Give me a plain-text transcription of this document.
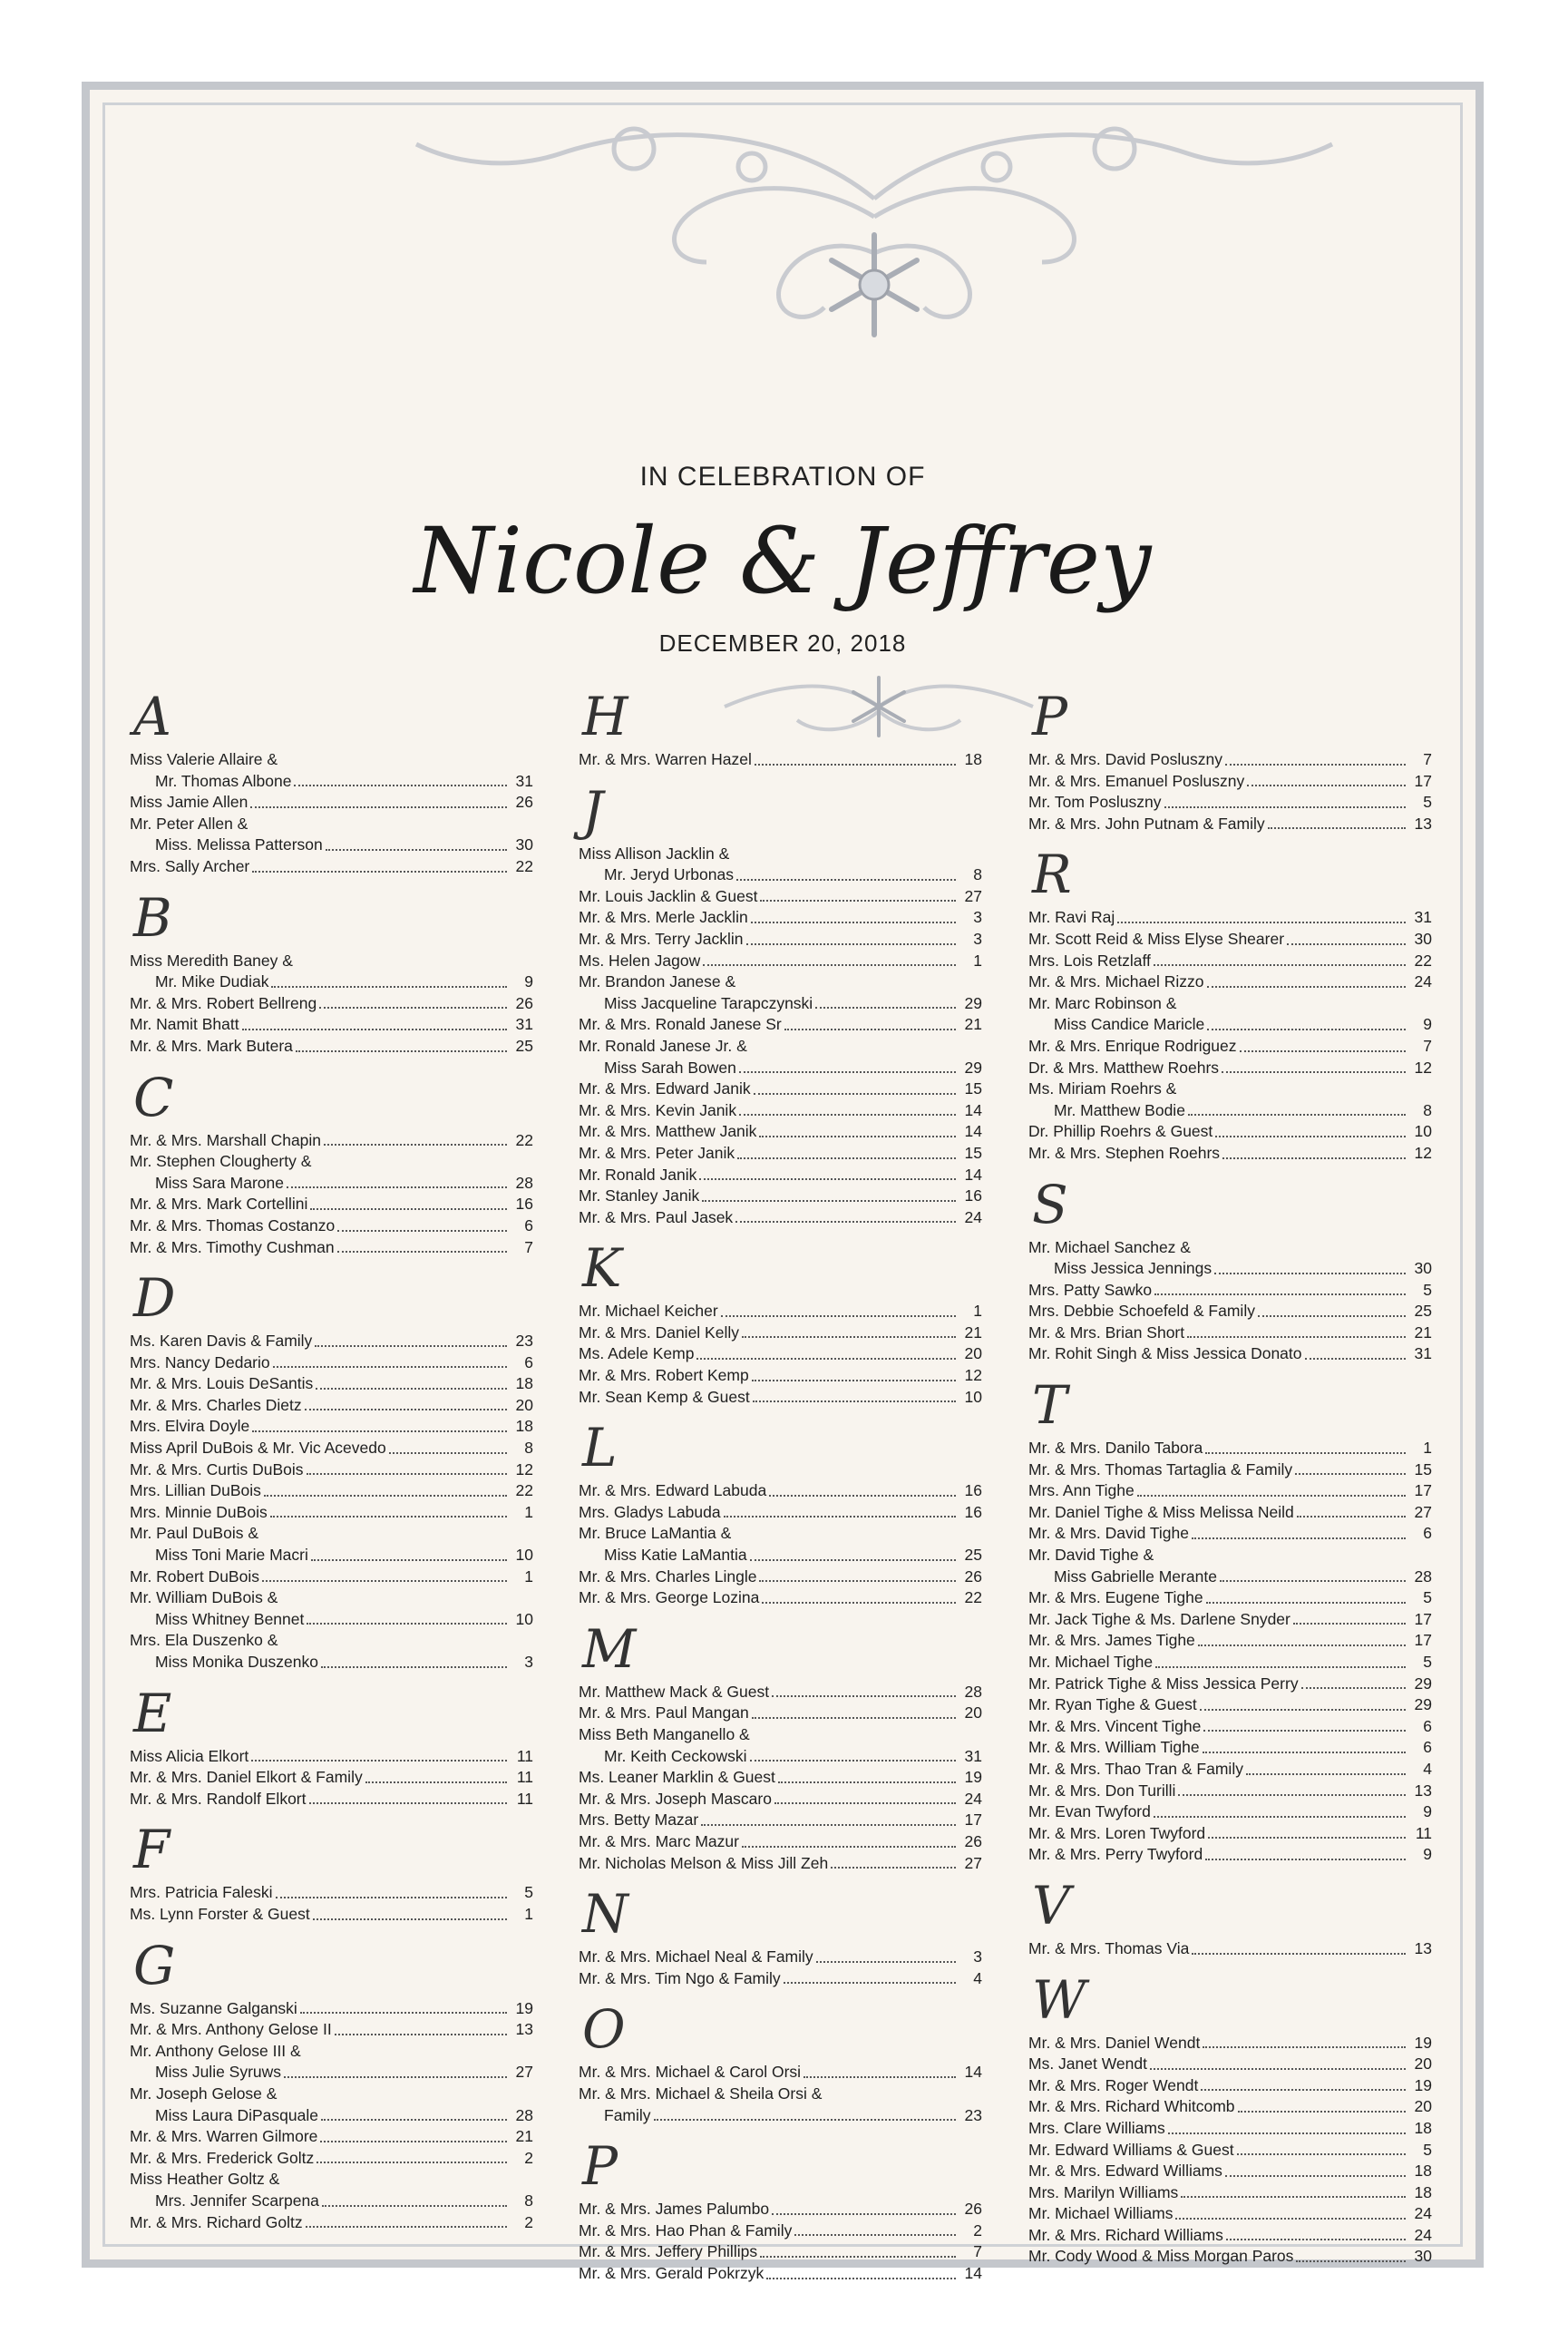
IN CELEBRATION OF
Nicole & Jeffrey
DECEMBER 20, 2018
A
Miss Valerie Allaire &
Mr. Thomas Albone	31
Miss Jamie Allen	26
Mr. Peter Allen &
Miss. Melissa Patterson	30
Mrs. Sally Archer	22
B
Miss Meredith Baney &
Mr. Mike Dudiak	9
Mr. & Mrs. Robert Bellreng	26
Mr. Namit Bhatt	31
Mr. & Mrs. Mark Butera	25
C
Mr. & Mrs. Marshall Chapin	22
Mr. Stephen Clougherty &
Miss Sara Marone	28
Mr. & Mrs. Mark Cortellini	16
Mr. & Mrs. Thomas Costanzo	6
Mr. & Mrs. Timothy Cushman	7
D
Ms. Karen Davis & Family	23
Mrs. Nancy Dedario	6
Mr. & Mrs. Louis DeSantis	18
Mr. & Mrs. Charles Dietz	20
Mrs. Elvira Doyle	18
Miss April DuBois & Mr. Vic Acevedo	8
Mr. & Mrs. Curtis DuBois	12
Mrs. Lillian DuBois	22
Mrs. Minnie DuBois	1
Mr. Paul DuBois &
Miss Toni Marie Macri	10
Mr. Robert DuBois	1
Mr. William DuBois &
Miss Whitney Bennet	10
Mrs. Ela Duszenko &
Miss Monika Duszenko	3
E
Miss Alicia Elkort	11
Mr. & Mrs. Daniel Elkort & Family	11
Mr. & Mrs. Randolf Elkort	11
F
Mrs. Patricia Faleski	5
Ms. Lynn Forster & Guest	1
G
Ms. Suzanne Galganski	19
Mr. & Mrs. Anthony Gelose II	13
Mr. Anthony Gelose III &
Miss Julie Syruws	27
Mr. Joseph Gelose &
Miss Laura DiPasquale	28
Mr. & Mrs. Warren Gilmore	21
Mr. & Mrs. Frederick Goltz	2
Miss Heather Goltz &
Mrs. Jennifer Scarpena	8
Mr. & Mrs. Richard Goltz	2
H
Mr. & Mrs. Warren Hazel	18
J
Miss Allison Jacklin &
Mr. Jeryd Urbonas	8
Mr. Louis Jacklin & Guest	27
Mr. & Mrs. Merle Jacklin	3
Mr. & Mrs. Terry Jacklin	3
Ms. Helen Jagow	1
Mr. Brandon Janese &
Miss Jacqueline Tarapczynski	29
Mr. & Mrs. Ronald Janese Sr	21
Mr. Ronald Janese Jr. &
Miss Sarah Bowen	29
Mr. & Mrs. Edward Janik	15
Mr. & Mrs. Kevin Janik	14
Mr. & Mrs. Matthew Janik	14
Mr. & Mrs. Peter Janik	15
Mr. Ronald Janik	14
Mr. Stanley Janik	16
Mr. & Mrs. Paul Jasek	24
K
Mr. Michael Keicher	1
Mr. & Mrs. Daniel Kelly	21
Ms. Adele Kemp	20
Mr. & Mrs. Robert Kemp	12
Mr. Sean Kemp & Guest	10
L
Mr. & Mrs. Edward Labuda	16
Mrs. Gladys Labuda	16
Mr. Bruce LaMantia &
Miss Katie LaMantia	25
Mr. & Mrs. Charles Lingle	26
Mr. & Mrs. George Lozina	22
M
Mr. Matthew Mack & Guest	28
Mr. & Mrs. Paul Mangan	20
Miss Beth Manganello &
Mr. Keith Ceckowski	31
Ms. Leaner Marklin & Guest	19
Mr. & Mrs. Joseph Mascaro	24
Mrs. Betty Mazar	17
Mr. & Mrs. Marc Mazur	26
Mr. Nicholas Melson & Miss Jill Zeh	27
N
Mr. & Mrs. Michael Neal & Family	3
Mr. & Mrs. Tim Ngo & Family	4
O
Mr. & Mrs. Michael & Carol Orsi	14
Mr. & Mrs. Michael & Sheila Orsi &
Family	23
P
Mr. & Mrs. James Palumbo	26
Mr. & Mrs. Hao Phan & Family	2
Mr. & Mrs. Jeffery Phillips	7
Mr. & Mrs. Gerald Pokrzyk	14
P
Mr. & Mrs. David Posluszny	7
Mr. & Mrs. Emanuel Posluszny	17
Mr. Tom Posluszny	5
Mr. & Mrs. John Putnam & Family	13
R
Mr. Ravi Raj	31
Mr. Scott Reid & Miss Elyse Shearer	30
Mrs. Lois Retzlaff	22
Mr. & Mrs. Michael Rizzo	24
Mr. Marc Robinson &
Miss Candice Maricle	9
Mr. & Mrs. Enrique Rodriguez	7
Dr. & Mrs. Matthew Roehrs	12
Ms. Miriam Roehrs &
Mr. Matthew Bodie	8
Dr. Phillip Roehrs & Guest	10
Mr. & Mrs. Stephen Roehrs	12
S
Mr. Michael Sanchez &
Miss Jessica Jennings	30
Mrs. Patty Sawko	5
Mrs. Debbie Schoefeld & Family	25
Mr. & Mrs. Brian Short	21
Mr. Rohit Singh & Miss Jessica Donato	31
T
Mr. & Mrs. Danilo Tabora	1
Mr. & Mrs. Thomas Tartaglia & Family	15
Mrs. Ann Tighe	17
Mr. Daniel Tighe & Miss Melissa Neild	27
Mr. & Mrs. David Tighe	6
Mr. David Tighe &
Miss Gabrielle Merante	28
Mr. & Mrs. Eugene Tighe	5
Mr. Jack Tighe & Ms. Darlene Snyder	17
Mr. & Mrs. James Tighe	17
Mr. Michael Tighe	5
Mr. Patrick Tighe & Miss Jessica Perry	29
Mr. Ryan Tighe & Guest	29
Mr. & Mrs. Vincent Tighe	6
Mr. & Mrs. William Tighe	6
Mr. & Mrs. Thao Tran & Family	4
Mr. & Mrs. Don Turilli	13
Mr. Evan Twyford	9
Mr. & Mrs. Loren Twyford	11
Mr. & Mrs. Perry Twyford	9
V
Mr. & Mrs. Thomas Via	13
W
Mr. & Mrs. Daniel Wendt	19
Ms. Janet Wendt	20
Mr. & Mrs. Roger Wendt	19
Mr. & Mrs. Richard Whitcomb	20
Mrs. Clare Williams	18
Mr. Edward Williams & Guest	5
Mr. & Mrs. Edward Williams	18
Mrs. Marilyn Williams	18
Mr. Michael Williams	24
Mr. & Mrs. Richard Williams	24
Mr. Cody Wood & Miss Morgan Paros	30
